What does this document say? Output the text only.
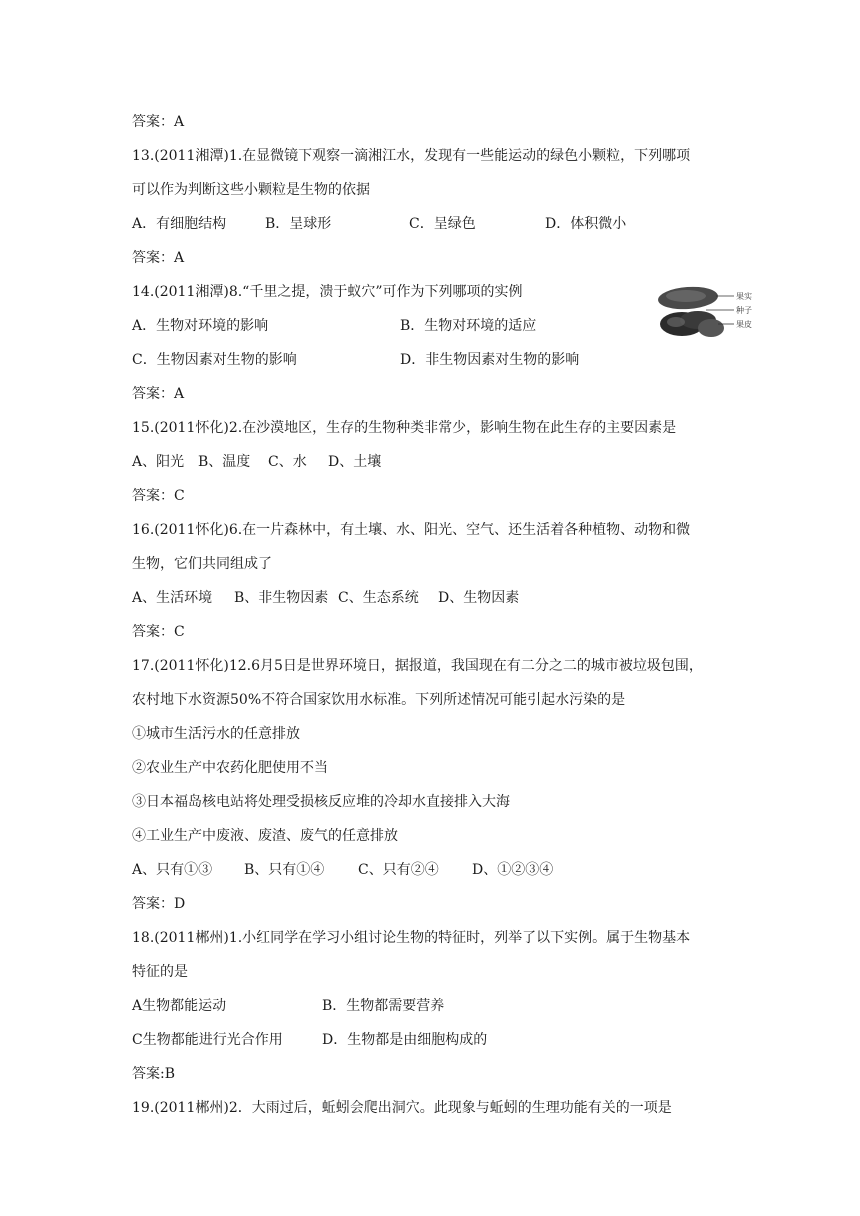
答案：A
13.(2011湘潭)1.在显微镜下观察一滴湘江水，发现有一些能运动的绿色小颗粒，下列哪项
可以作为判断这些小颗粒是生物的依据
A．有细胞结构	B．呈球形	C．呈绿色	D．体积微小
答案：A
14.(2011湘潭)8.“千里之提，溃于蚁穴”可作为下列哪项的实例
A．生物对环境的影响	B．生物对环境的适应
C．生物因素对生物的影响	D．非生物因素对生物的影响
答案：A
15.(2011怀化)2.在沙漠地区，生存的生物种类非常少，影响生物在此生存的主要因素是
A、阳光 B、温度	C、水	D、土壤
答案：C
16.(2011怀化)6.在一片森林中，有土壤、水、阳光、空气、还生活着各种植物、动物和微
生物，它们共同组成了
A、生活环境	B、非生物因素 C、生态系统	D、生物因素
答案：C
17.(2011怀化)12.6月5日是世界环境日，据报道，我国现在有二分之二的城市被垃圾包围，
农村地下水资源50%不符合国家饮用水标准。下列所述情况可能引起水污染的是
①城市生活污水的任意排放
②农业生产中农药化肥使用不当
③日本福岛核电站将处理受损核反应堆的冷却水直接排入大海
④工业生产中废液、废渣、废气的任意排放
A、只有①③	B、只有①④	C、只有②④	D、①②③④
答案：D
18.(2011郴州)1.小红同学在学习小组讨论生物的特征时，列举了以下实例。属于生物基本
特征的是
A生物都能运动	B．生物都需要营养
C生物都能进行光合作用	D．生物都是由细胞构成的
答案:B
19.(2011郴州)2．大雨过后，蚯蚓会爬出洞穴。此现象与蚯蚓的生理功能有关的一项是
果实
种子
果皮
